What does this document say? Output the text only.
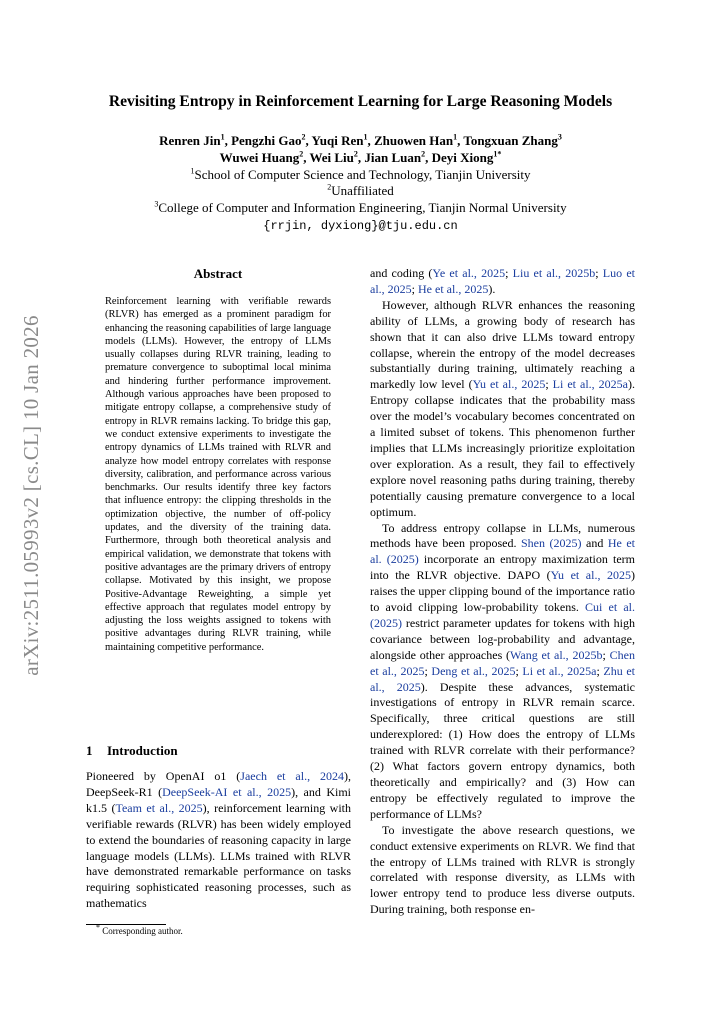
arXiv:2511.05993v2 [cs.CL] 10 Jan 2026
Revisiting Entropy in Reinforcement Learning for Large Reasoning Models
Renren Jin$^1$, Pengzhi Gao$^2$, Yuqi Ren$^1$, Zhuowen Han$^1$, Tongxuan Zhang$^3$
Wuwei Huang$^2$, Wei Liu$^2$, Jian Luan$^2$, Deyi Xiong$^{1*}$
$^1$School of Computer Science and Technology, Tianjin University
$^2$Unaffiliated
$^3$College of Computer and Information Engineering, Tianjin Normal University
{rrjin, dyxiong}@tju.edu.cn
Abstract
Reinforcement learning with verifiable rewards (RLVR) has emerged as a prominent paradigm for enhancing the reasoning capabilities of large language models (LLMs). However, the entropy of LLMs usually collapses during RLVR training, leading to premature convergence to suboptimal local minima and hindering further performance improvement. Although various approaches have been proposed to mitigate entropy collapse, a comprehensive study of entropy in RLVR remains lacking. To bridge this gap, we conduct extensive experiments to investigate the entropy dynamics of LLMs trained with RLVR and analyze how model entropy correlates with response diversity, calibration, and performance across various benchmarks. Our results identify three key factors that influence entropy: the clipping thresholds in the optimization objective, the number of off-policy updates, and the diversity of the training data. Furthermore, through both theoretical analysis and empirical validation, we demonstrate that tokens with positive advantages are the primary drivers of entropy collapse. Motivated by this insight, we propose Positive-Advantage Reweighting, a simple yet effective approach that regulates model entropy by adjusting the loss weights assigned to tokens with positive advantages during RLVR training, while maintaining competitive performance.
1 Introduction
Pioneered by OpenAI o1 (Jaech et al., 2024), DeepSeek-R1 (DeepSeek-AI et al., 2025), and Kimi k1.5 (Team et al., 2025), reinforcement learning with verifiable rewards (RLVR) has been widely employed to extend the boundaries of reasoning capacity in large language models (LLMs). LLMs trained with RLVR have demonstrated remarkable performance on tasks requiring sophisticated reasoning processes, such as mathematics
* Corresponding author.

and coding (Ye et al., 2025; Liu et al., 2025b; Luo et al., 2025; He et al., 2025).

However, although RLVR enhances the reasoning ability of LLMs, a growing body of research has shown that it can also drive LLMs toward entropy collapse, wherein the entropy of the model decreases substantially during training, ultimately reaching a markedly low level (Yu et al., 2025; Li et al., 2025a). Entropy collapse indicates that the probability mass over the model’s vocabulary becomes concentrated on a limited subset of tokens. This phenomenon further implies that LLMs increasingly prioritize exploitation over exploration. As a result, they fail to effectively explore novel reasoning paths during training, thereby potentially causing premature convergence to a local optimum.

To address entropy collapse in LLMs, numerous methods have been proposed. Shen (2025) and He et al. (2025) incorporate an entropy maximization term into the RLVR objective. DAPO (Yu et al., 2025) raises the upper clipping bound of the importance ratio to avoid clipping low-probability tokens. Cui et al. (2025) restrict parameter updates for tokens with high covariance between log-probability and advantage, alongside other approaches (Wang et al., 2025b; Chen et al., 2025; Deng et al., 2025; Li et al., 2025a; Zhu et al., 2025). Despite these advances, systematic investigations of entropy in RLVR remain scarce. Specifically, three critical questions are still underexplored: (1) How does the entropy of LLMs trained with RLVR correlate with their performance? (2) What factors govern entropy dynamics, both theoretically and empirically? and (3) How can entropy be effectively regulated to improve the performance of LLMs?

To investigate the above research questions, we conduct extensive experiments on RLVR. We find that the entropy of LLMs trained with RLVR is strongly correlated with response diversity, as LLMs with lower entropy tend to produce less diverse outputs. During training, both response en-
